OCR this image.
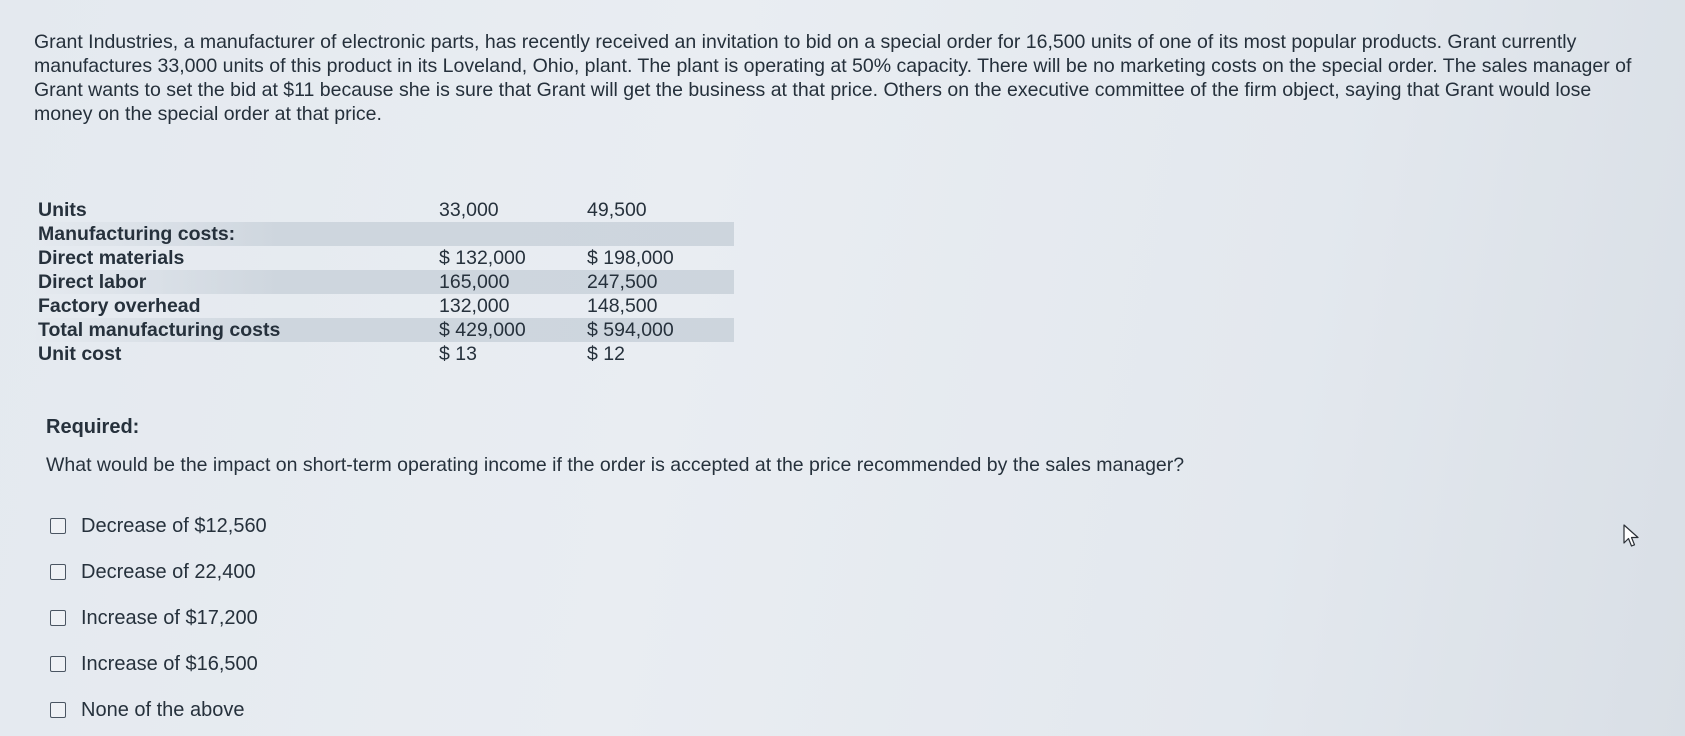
Grant Industries, a manufacturer of electronic parts, has recently received an invitation to bid on a special order for 16,500 units of one of its most popular products. Grant currently manufactures 33,000 units of this product in its Loveland, Ohio, plant. The plant is operating at 50% capacity. There will be no marketing costs on the special order. The sales manager of Grant wants to set the bid at $11 because she is sure that Grant will get the business at that price. Others on the executive committee of the firm object, saying that Grant would lose money on the special order at that price.

Units	33,000	49,500
Manufacturing costs:
Direct materials	$ 132,000	$ 198,000
Direct labor	165,000	247,500
Factory overhead	132,000	148,500
Total manufacturing costs	$ 429,000	$ 594,000
Unit cost	$ 13	$ 12
Required:
What would be the impact on short-term operating income if the order is accepted at the price recommended by the sales manager?
Decrease of $12,560
Decrease of 22,400
Increase of $17,200
Increase of $16,500
None of the above
